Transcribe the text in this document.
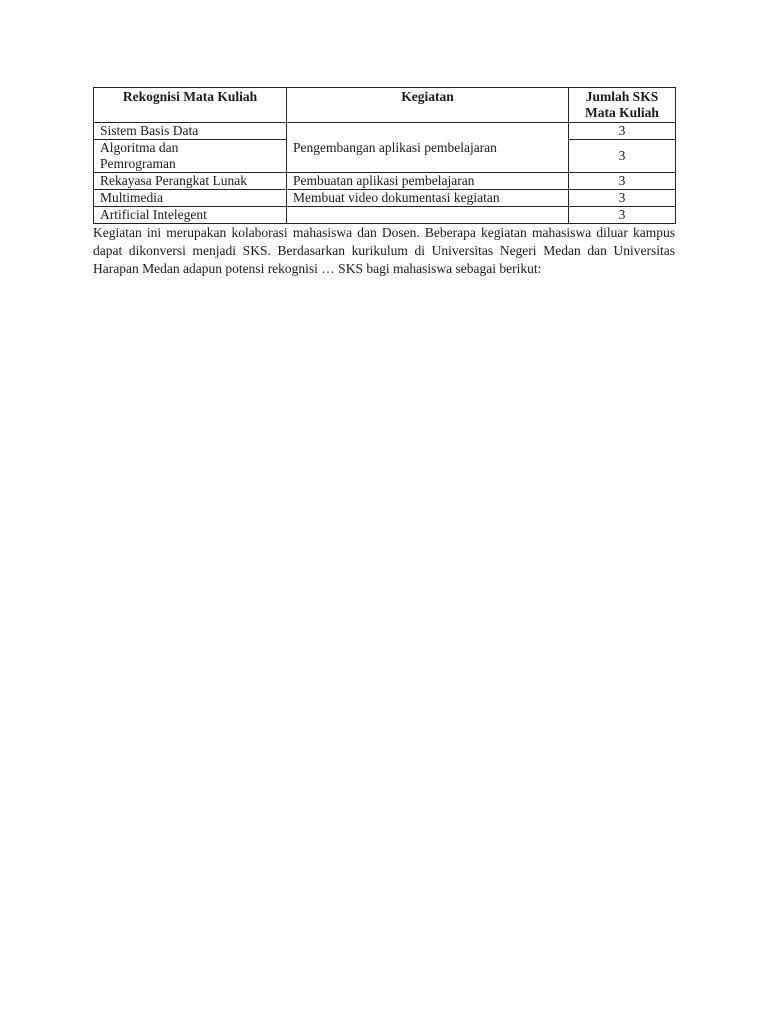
Rekognisi Mata Kuliah	Kegiatan	Jumlah SKS
Mata Kuliah
Sistem Basis Data	Pengembangan aplikasi pembelajaran	3
Algoritma dan
Pemrograman		3
Rekayasa Perangkat Lunak	Pembuatan aplikasi pembelajaran	3
Multimedia	Membuat video dokumentasi kegiatan	3
Artificial Intelegent		3

Kegiatan ini merupakan kolaborasi mahasiswa dan Dosen. Beberapa kegiatan mahasiswa diluar kampus dapat dikonversi menjadi SKS. Berdasarkan kurikulum di Universitas Negeri Medan dan Universitas Harapan Medan adapun potensi rekognisi … SKS bagi mahasiswa sebagai berikut:
